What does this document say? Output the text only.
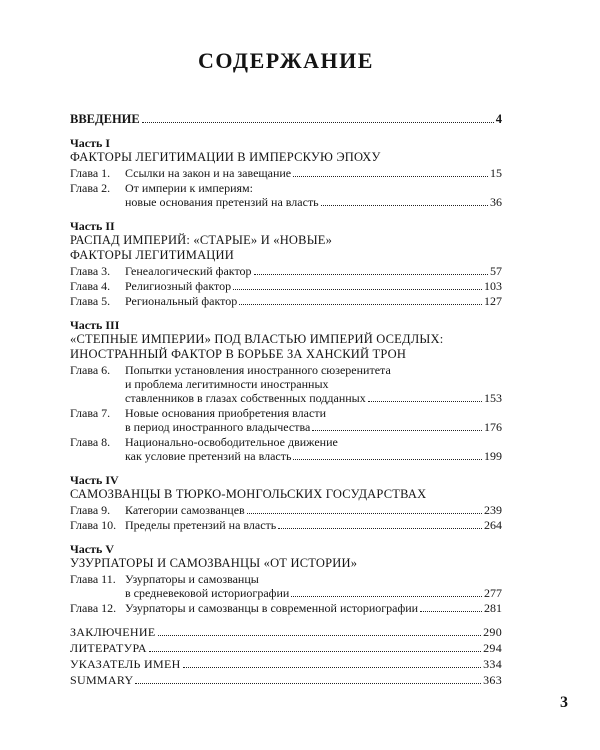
СОДЕРЖАНИЕ
ВВЕДЕНИЕ	4
Часть I
ФАКТОРЫ ЛЕГИТИМАЦИИ В ИМПЕРСКУЮ ЭПОХУ
Глава 1.	Ссылки на закон и на завещание	15
Глава 2.	От империи к империям:
новые основания претензий на власть	36
Часть II
РАСПАД ИМПЕРИЙ: «СТАРЫЕ» И «НОВЫЕ»
ФАКТОРЫ ЛЕГИТИМАЦИИ
Глава 3.	Генеалогический фактор	57
Глава 4.	Религиозный фактор	103
Глава 5.	Региональный фактор	127
Часть III
«СТЕПНЫЕ ИМПЕРИИ» ПОД ВЛАСТЬЮ ИМПЕРИЙ ОСЕДЛЫХ:
ИНОСТРАННЫЙ ФАКТОР В БОРЬБЕ ЗА ХАНСКИЙ ТРОН
Глава 6.	Попытки установления иностранного сюзеренитета
и проблема легитимности иностранных
ставленников в глазах собственных подданных	153
Глава 7.	Новые основания приобретения власти
в период иностранного владычества	176
Глава 8.	Национально-освободительное движение
как условие претензий на власть	199
Часть IV
САМОЗВАНЦЫ В ТЮРКО-МОНГОЛЬСКИХ ГОСУДАРСТВАХ
Глава 9.	Категории самозванцев	239
Глава 10. Пределы претензий на власть	264
Часть V
УЗУРПАТОРЫ И САМОЗВАНЦЫ «ОТ ИСТОРИИ»
Глава 11. Узурпаторы и самозванцы
в средневековой историографии	277
Глава 12. Узурпаторы и самозванцы в современной историографии	281
ЗАКЛЮЧЕНИЕ	290
ЛИТЕРАТУРА	294
УКАЗАТЕЛЬ ИМЕН	334
SUMMARY	363
3
